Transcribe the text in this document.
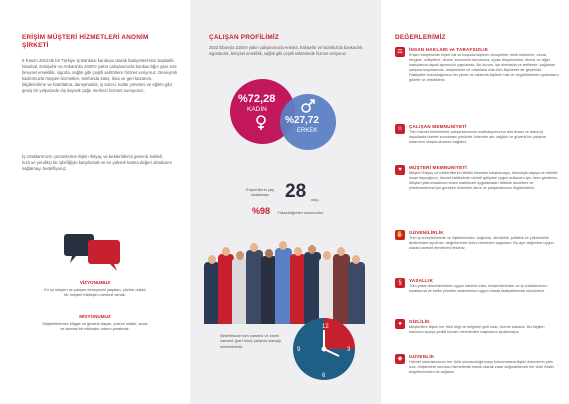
ERİŞİM MÜŞTERİ HİZMETLERİ ANONİM ŞİRKETİ
5 Kasım 2012'de bir Türkiye İş Bankası kuruluşu olarak faaliyetlerimize başladık. İstanbul, Eskişehir ve Ankara'da 2400'e yakın çalışanımızla bankacılığın yanı sıra bireysel emeklilik, sigorta, sağlık gibi çeşitli sektörlere hizmet veriyoruz. Deneyimli kadromuzla müşteri hizmetleri, telefonda satış, ikna ve geri kazanım, bilgilendirme ve hatırlatma, danışmanlık, iş süreci, kalite yönetimi ve eğitim gibi geniş bir yelpazede dış kaynak çağrı merkezi hizmeti sunuyoruz.
İş ortaklarımızın çözümlerine ilişkin ihtiyaç ve beklentilerini güvenli, kaliteli, hızlı ve yenilikçi bir işbirliğiyle karşılamak ve en yüksek katma değeri almalarını sağlamayı hedefliyoruz.
VİZYONUMUZ
En iyi müşteri ve çalışan deneyimini yaşatan, çözüm odaklı bir müşteri etkileşim merkezi olmak.
MİSYONUMUZ
Müşterilerimize bilgiye ve güvene dayalı, çözüm odaklı, sıcak ve samimi bir etkileşim ortamı yaratmak.
ÇALIŞAN PROFİLİMİZ
2022 itibarıyla 2100'e yakın çalışanımızla Ankara, Eskişehir ve İstanbul'da bankacılık, sigortacılık, bireysel emeklilik, sağlık gibi çeşitli sektörlerde hizmet veriyoruz.
%72,28
KADIN
%27,72
ERKEK
Erişim'lilerin yaş ortalaması 28 olup,
%98 Yükseköğretim mezunudur.
Şirketimizde tam zamanlı ve kısmi zamanlı (part time) çalışma olanağı verilmektedir.
12
3
6
9
DEĞERLERİMİZ
⚖	İNSAN HAKLARI ve TARAFSIZLIK
Erişim bünyesinde hiçbir hal ve koşulda kişilerin cinsiyetine, etnik kökenine, ırkına, rengine, milliyetine, dinine, ekonomik durumuna, siyasi düşüncesine, dinine ve diğer inançlarına dayalı ayrımcılık yapılamaz. Bu durum, işe alımlarda ve terfilerde, sağlanan çalışma koşullarında, müşterilerle ve ortaklarla olan tüm ilişkilerde de geçerlidir. Faaliyette bulunduğumuz her yerde ve ortamda kişilerin hak ve özgürlüklerine uyulmasını gözetir ve destekleriz.
☺	ÇALIŞAN MEMNUNİYETİ
Tüm hizmet birimlerinde çalışanlarımızın motivasyonunun artırılması ve daha iyi koşullarda hizmet sunulması yönünde önlemler alır, sağlıklı ve güvenli bir çalışma ortamının oluşturulmasını sağlarız.
♥	MÜŞTERİ MEMNUNİYETİ
Müşteri ihtiyaç ve beklentilerini nitelikli hizmetle karşılamaya, teknolojik altyapı ve nitelikli insan kaynağının, hizmet kalitesinde sürekli gelişime uygun kullanımı için özen gösteririz. Müşteri yakınmalarına neden olabilecek uygulamaları titizlikle düzeltme ve yinelenmemesi için gereken önlemleri alırız ve çalışanlarımızı bilgilendiririz.
✋ GÜVENİLİRLİK
Tüm iş süreçlerimizde ve ilişkilerimizde; doğruluk, dürüstlük, şeffaflık ve yükümlülük ilkelerinden ayrılmaz, değerlerimizi ödün vermeden uygularız. Bu ayrı değerlere uygun olarak hareket etmelerini bekleriz.
§	YASALLIK
Tüm yasal düzenlemelere uygun hareket eder, müşterilerimizin ve iş ortaklarımızın kurallarına ve kalite yönetim sistemlerine uygun olarak faaliyetlerimizi sürdürürüz.
●	GİZLİLİK
Müşterilere ilişkin her türlü bilgi ve belgeleri gizli tutar, özenle saklarız. Bu bilgileri kanunen açıkça yetkili kılınan mercilerden başkasına açıklamayız.
◆	GÜVENLİK
Hizmet ortamlarımızın her türlü olumsuzluğa karşı korunmasına ilişkin önlemlerin yanı sıra, müşterilere sunulan hizmetlerde teknik olarak zarar doğurabilecek her türlü ihlalin engellenmesini de sağlarız.
